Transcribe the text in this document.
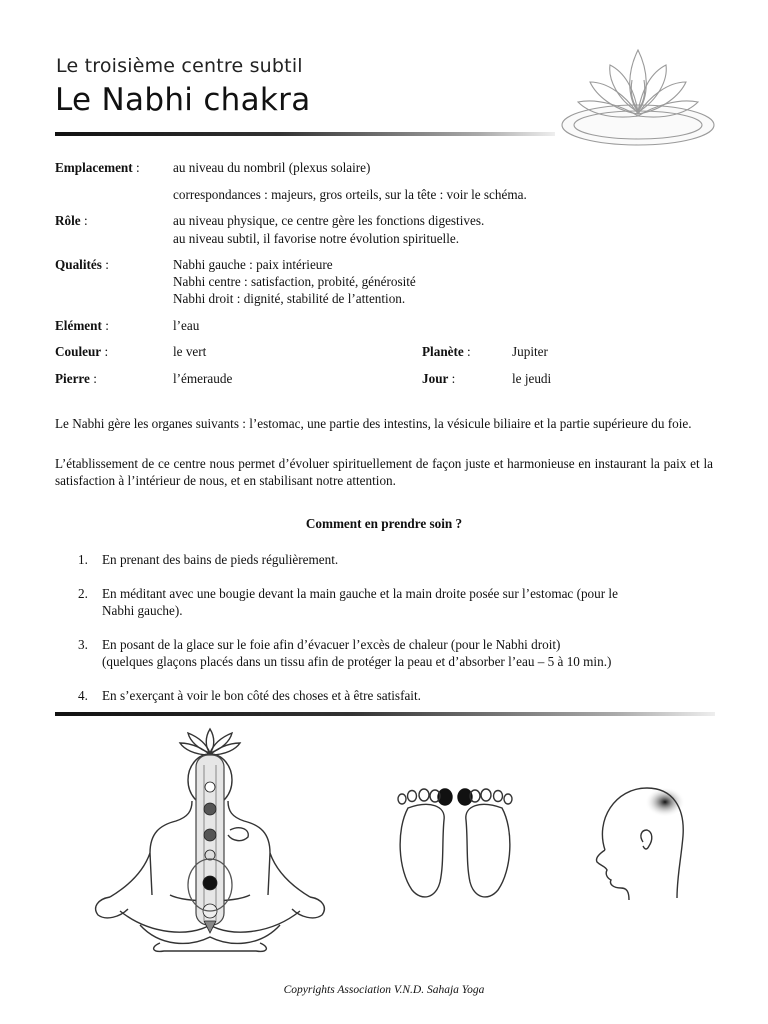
Le troisième centre subtil
Le Nabhi chakra
Emplacement :	au niveau du nombril (plexus solaire)
correspondances : majeurs, gros orteils, sur la tête : voir le schéma.
Rôle :	au niveau physique, ce centre gère les fonctions digestives.
au niveau subtil, il favorise notre évolution spirituelle.
Qualités :	Nabhi gauche : paix intérieure
Nabhi centre : satisfaction, probité, générosité
Nabhi droit : dignité, stabilité de l’attention.
Elément :	l’eau
Couleur :	le vert	Planète :	Jupiter
Pierre :	l’émeraude	Jour :	le jeudi
Le Nabhi gère les organes suivants : l’estomac, une partie des intestins, la vésicule biliaire et la partie supérieure du foie.
L’établissement de ce centre nous permet d’évoluer spirituellement de façon juste et harmonieuse en instaurant la paix et la satisfaction à l’intérieur de nous, et en stabilisant notre attention.
Comment en prendre soin ?
1.	En prenant des bains de pieds régulièrement.
2.	En méditant avec une bougie devant la main gauche et la main droite posée sur l’estomac (pour le
Nabhi gauche).
3.	En posant de la glace sur le foie afin d’évacuer l’excès de chaleur (pour le Nabhi droit)
(quelques glaçons placés dans un tissu afin de protéger la peau et d’absorber l’eau – 5 à 10 min.)
4.	En s’exerçant à voir le bon côté des choses et à être satisfait.
Copyrights Association V.N.D. Sahaja Yoga
